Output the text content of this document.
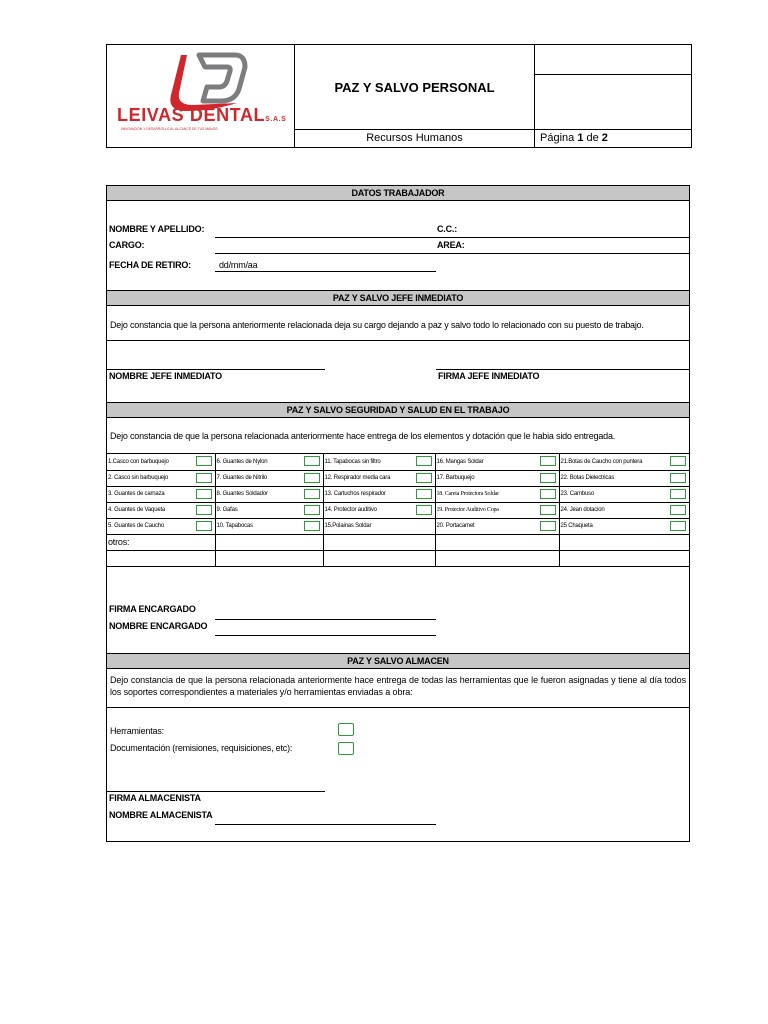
LEIVAS DENTALS.A.S
INNOVACIÓN Y DESARROLLO AL ALCANCE DE TUS MANOS
PAZ Y SALVO PERSONAL
Recursos Humanos	Página 1 de 2
DATOS TRABAJADOR
NOMBRE Y APELLIDO:	C.C.:
CARGO:	AREA:
FECHA DE RETIRO:	dd/mm/aa
PAZ Y SALVO JEFE INMEDIATO
Dejo constancia que la persona anteriormente relacionada deja su cargo dejando a paz y salvo todo lo relacionado con su puesto de trabajo.
NOMBRE JEFE INMEDIATO	FIRMA JEFE INMEDIATO
PAZ Y SALVO SEGURIDAD Y SALUD EN EL TRABAJO
Dejo constancia de que la persona relacionada anteriormente hace entrega de los elementos y dotación que le habia sido entregada.
1.Casco con barbuquejo	6. Guantes de Nylon	11. Tapabocas sin filtro	16. Mangas Soldar	21.Botas de Caucho con puntera

2. Casco sin barbuquejo	7. Guantes de Nitrilo	12. Respirador media cara	17. Barbuquejo	22. Botas Dielectricas

3. Guantes de carnaza	8. Guantes Soldador	13. Cartuchos respirador	18. Careta Protectora Soldar	23. Cambuso

4. Guantes de Vaqueta	9. Gafas	14. Protector auditivo	19. Protector Auditivo Copa	24. Jean dotacion

5. Guantes de Caucho	10. Tapabocas	15.Polainas Soldar	20. Portacarnet	25 Chaqueta

otros:				

FIRMA ENCARGADO
NOMBRE ENCARGADO
PAZ Y SALVO ALMACEN
Dejo constancia de que la persona relacionada anteriormente hace entrega de todas las herramientas que le fueron asignadas y tiene al día todos los soportes correspondientes a materiales y/o herramientas enviadas a obra:
Herramientas:
Documentación (remisiones, requisiciones, etc):
FIRMA ALMACENISTA
NOMBRE ALMACENISTA
